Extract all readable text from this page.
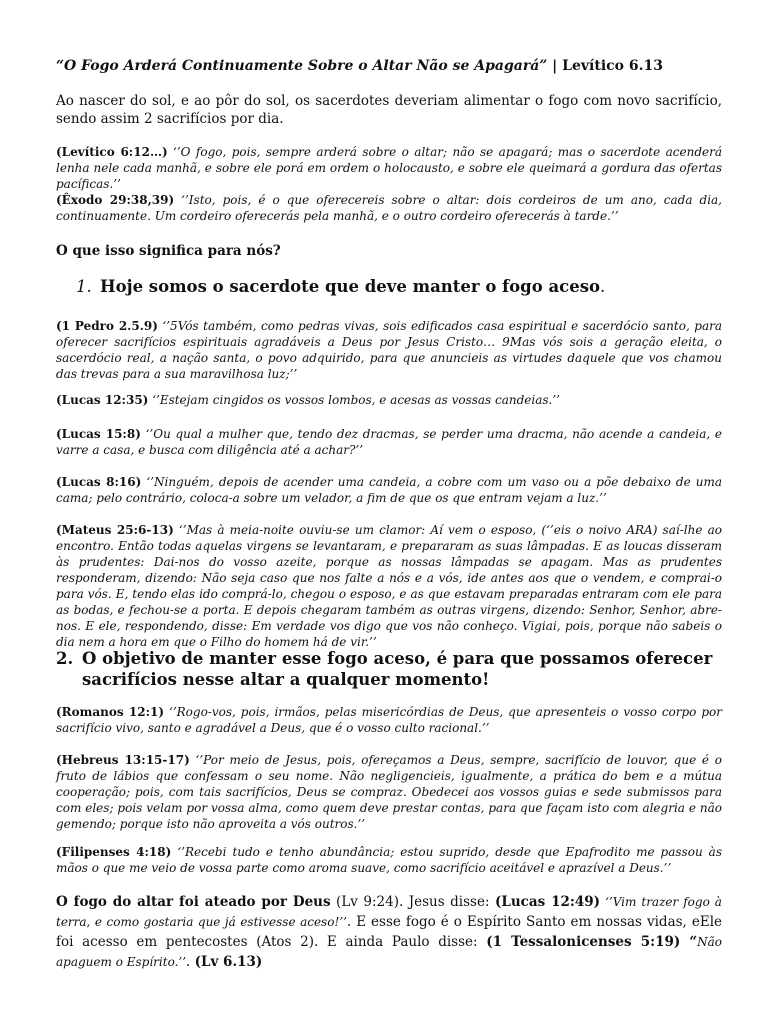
“O Fogo Arderá Continuamente Sobre o Altar Não se Apagará” | Levítico 6.13

Ao nascer do sol, e ao pôr do sol, os sacerdotes deveriam alimentar o fogo com novo sacrifício, sendo assim 2 sacrifícios por dia.

(Levítico 6:12…) ‘’O fogo, pois, sempre arderá sobre o altar; não se apagará; mas o sacerdote acenderá lenha nele cada manhã, e sobre ele porá em ordem o holocausto, e sobre ele queimará a gordura das ofertas pacíficas.’’

(Êxodo 29:38,39) ‘’Isto, pois, é o que oferecereis sobre o altar: dois cordeiros de um ano, cada dia, continuamente. Um cordeiro oferecerás pela manhã, e o outro cordeiro oferecerás à tarde.’’

O que isso significa para nós?

1. Hoje somos o sacerdote que deve manter o fogo aceso.

(1 Pedro 2.5.9) ‘’5Vós também, como pedras vivas, sois edificados casa espiritual e sacerdócio santo, para oferecer sacrifícios espirituais agradáveis a Deus por Jesus Cristo… 9Mas vós sois a geração eleita, o sacerdócio real, a nação santa, o povo adquirido, para que anuncieis as virtudes daquele que vos chamou das trevas para a sua maravilhosa luz;’’

(Lucas 12:35) ‘’Estejam cingidos os vossos lombos, e acesas as vossas candeias.’’

(Lucas 15:8) ‘’Ou qual a mulher que, tendo dez dracmas, se perder uma dracma, não acende a candeia, e varre a casa, e busca com diligência até a achar?’’

(Lucas 8:16) ‘’Ninguém, depois de acender uma candeia, a cobre com um vaso ou a põe debaixo de uma cama; pelo contrário, coloca-a sobre um velador, a fim de que os que entram vejam a luz.’’

(Mateus 25:6-13) ‘’Mas à meia-noite ouviu-se um clamor: Aí vem o esposo, (‘’eis o noivo ARA) saí-lhe ao encontro. Então todas aquelas virgens se levantaram, e prepararam as suas lâmpadas. E as loucas disseram às prudentes: Dai-nos do vosso azeite, porque as nossas lâmpadas se apagam. Mas as prudentes responderam, dizendo: Não seja caso que nos falte a nós e a vós, ide antes aos que o vendem, e comprai-o para vós. E, tendo elas ido comprá-lo, chegou o esposo, e as que estavam preparadas entraram com ele para as bodas, e fechou-se a porta. E depois chegaram também as outras virgens, dizendo: Senhor, Senhor, abre-nos. E ele, respondendo, disse: Em verdade vos digo que vos não conheço. Vigiai, pois, porque não sabeis o dia nem a hora em que o Filho do homem há de vir.’’

2. O objetivo de manter esse fogo aceso, é para que possamos oferecer
sacrifícios nesse altar a qualquer momento!

(Romanos 12:1) ‘’Rogo-vos, pois, irmãos, pelas misericórdias de Deus, que apresenteis o vosso corpo por sacrifício vivo, santo e agradável a Deus, que é o vosso culto racional.’’

(Hebreus 13:15-17) ‘’Por meio de Jesus, pois, ofereçamos a Deus, sempre, sacrifício de louvor, que é o fruto de lábios que confessam o seu nome. Não negligencieis, igualmente, a prática do bem e a mútua cooperação; pois, com tais sacrifícios, Deus se compraz. Obedecei aos vossos guias e sede submissos para com eles; pois velam por vossa alma, como quem deve prestar contas, para que façam isto com alegria e não gemendo; porque isto não aproveita a vós outros.’’

(Filipenses 4:18) ‘’Recebi tudo e tenho abundância; estou suprido, desde que Epafrodito me passou às mãos o que me veio de vossa parte como aroma suave, como sacrifício aceitável e aprazível a Deus.’’

O fogo do altar foi ateado por Deus (Lv 9:24). Jesus disse: (Lucas 12:49) ‘’Vim trazer fogo à terra, e como gostaria que já estivesse aceso!’’. E esse fogo é o Espírito Santo em nossas vidas, eEle foi acesso em pentecostes (Atos 2). E ainda Paulo disse: (1 Tessalonicenses 5:19) “Não apaguem o Espírito.’’. (Lv 6.13)
